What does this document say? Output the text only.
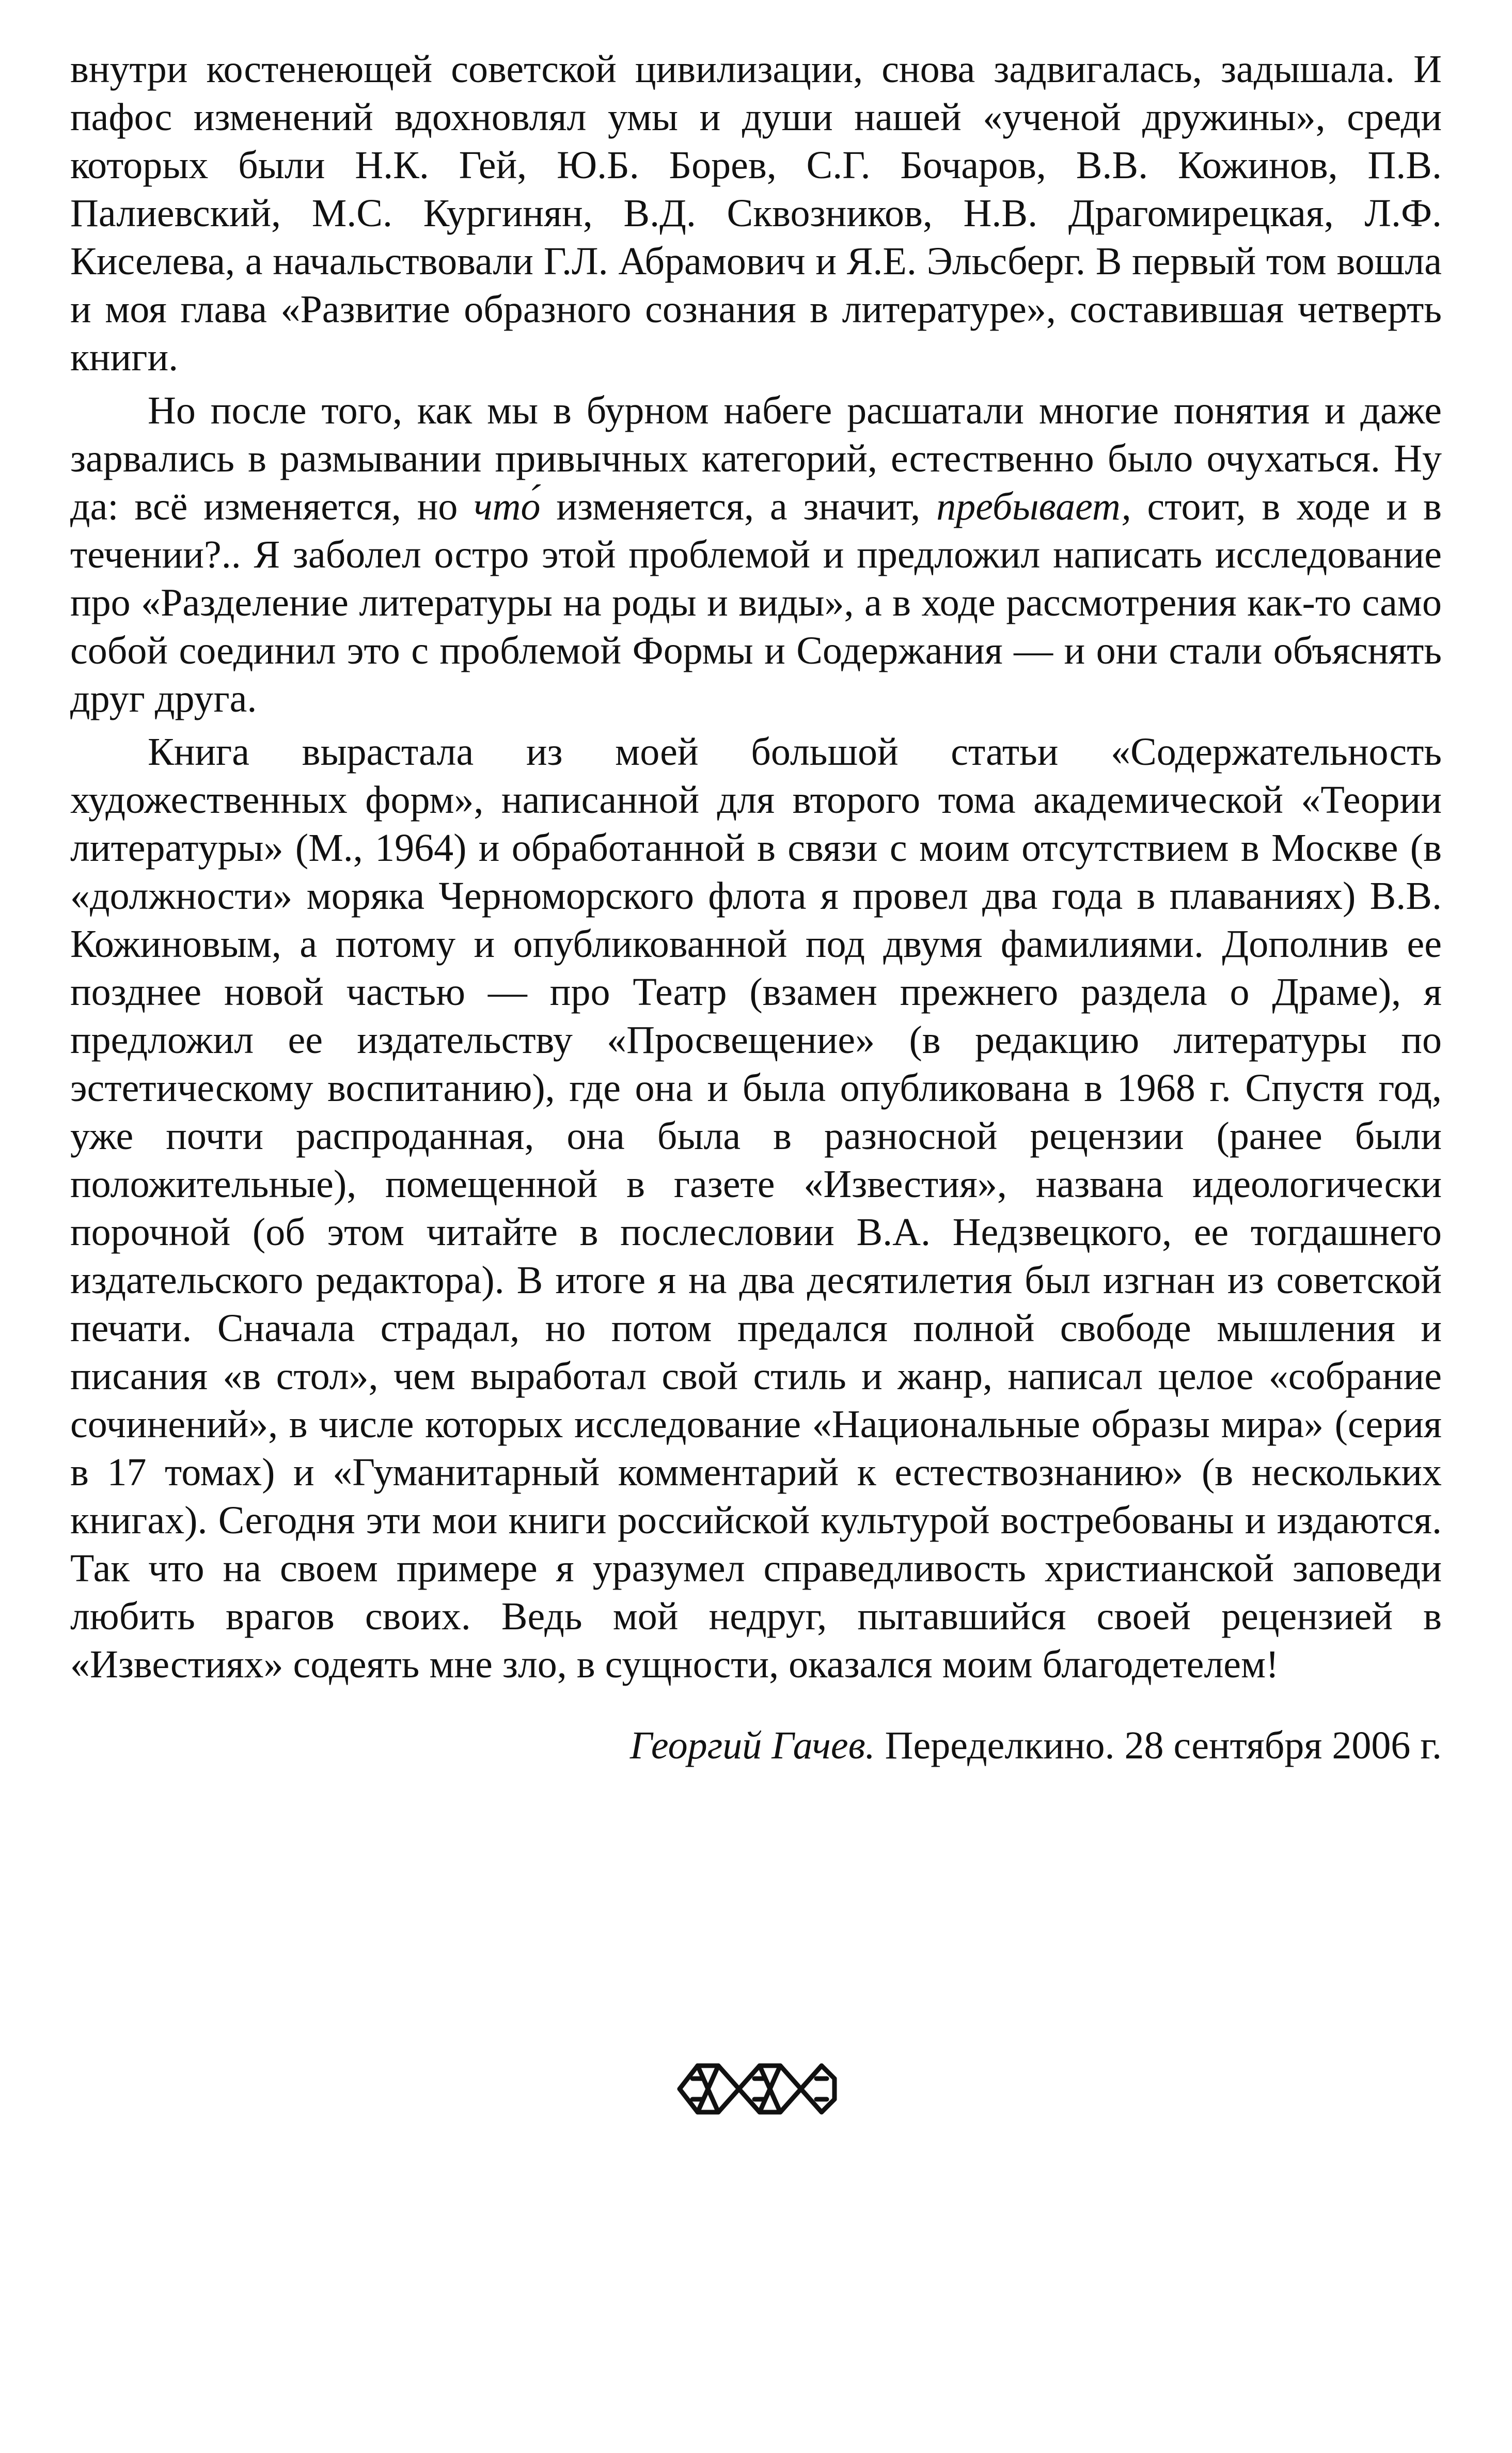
внутри костенеющей советской цивилизации, снова задвигалась, задышала. И пафос изменений вдохновлял умы и души нашей «ученой дружины», среди которых были Н.К. Гей, Ю.Б. Борев, С.Г. Бочаров, В.В. Кожинов, П.В. Палиевский, М.С. Кургинян, В.Д. Сквозников, Н.В. Драгомирецкая, Л.Ф. Киселева, а начальствовали Г.Л. Абрамович и Я.Е. Эльсберг. В первый том вошла и моя глава «Развитие образного сознания в литературе», составившая четверть книги.

Но после того, как мы в бурном набеге расшатали многие понятия и даже зарвались в размывании привычных категорий, естественно было очухаться. Ну да: всё изменяется, но что́ изменяется, а значит, пребывает, стоит, в ходе и в течении?.. Я заболел остро этой проблемой и предложил написать исследование про «Разделение литературы на роды и виды», а в ходе рассмотрения как-то само собой соединил это с проблемой Формы и Содержания — и они стали объяснять друг друга.

Книга вырастала из моей большой статьи «Содержательность художественных форм», написанной для второго тома академической «Теории литературы» (М., 1964) и обработанной в связи с моим отсутствием в Москве (в «должности» моряка Черноморского флота я провел два года в плаваниях) В.В. Кожиновым, а потому и опубликованной под двумя фамилиями. Дополнив ее позднее новой частью — про Театр (взамен прежнего раздела о Драме), я предложил ее издательству «Просвещение» (в редакцию литературы по эстетическому воспитанию), где она и была опубликована в 1968 г. Спустя год, уже почти распроданная, она была в разносной рецензии (ранее были положительные), помещенной в газете «Известия», названа идеологически порочной (об этом читайте в послесловии В.А. Недзвецкого, ее тогдашнего издательского редактора). В итоге я на два десятилетия был изгнан из советской печати. Сначала страдал, но потом предался полной свободе мышления и писания «в стол», чем выработал свой стиль и жанр, написал целое «собрание сочинений», в числе которых исследование «Национальные образы мира» (серия в 17 томах) и «Гуманитарный комментарий к естествознанию» (в нескольких книгах). Сегодня эти мои книги российской культурой востребованы и издаются. Так что на своем примере я уразумел справедливость христианской заповеди любить врагов своих. Ведь мой недруг, пытавшийся своей рецензией в «Известиях» содеять мне зло, в сущности, оказался моим благодетелем!

Георгий Гачев. Переделкино. 28 сентября 2006 г.
